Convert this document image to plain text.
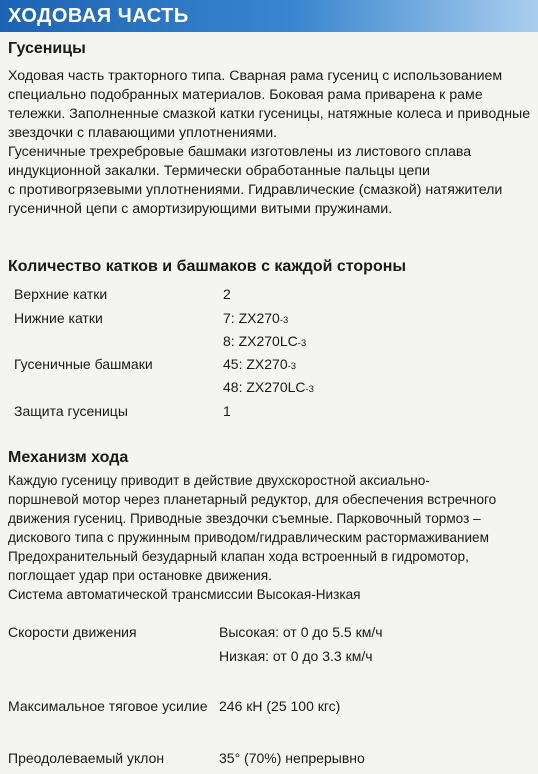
ХОДОВАЯ ЧАСТЬ
Гусеницы
Ходовая часть тракторного типа. Сварная рама гусениц с использованием
специально подобранных материалов. Боковая рама приварена к раме
тележки. Заполненные смазкой катки гусеницы, натяжные колеса и приводные
звездочки с плавающими уплотнениями.
Гусеничные трехребровые башмаки изготовлены из листового сплава
индукционной закалки. Термически обработанные пальцы цепи
с противогрязевыми уплотнениями. Гидравлические (смазкой) натяжители
гусеничной цепи с амортизирующими витыми пружинами.
Количество катков и башмаков с каждой стороны
Верхние катки	2
Нижние катки	7: ZX270-3
8: ZX270LC-3
Гусеничные башмаки	45: ZX270-3
48: ZX270LC-3
Защита гусеницы	1
Механизм хода
Каждую гусеницу приводит в действие двухскоростной аксиально-
поршневой мотор через планетарный редуктор, для обеспечения встречного
движения гусениц. Приводные звездочки съемные. Парковочный тормоз –
дискового типа с пружинным приводом/гидравлическим растормаживанием
Предохранительный безударный клапан хода встроенный в гидромотор,
поглощает удар при остановке движения.
Система автоматической трансмиссии Высокая-Низкая
Скорости движения	Высокая: от 0 до 5.5 км/ч
Низкая: от 0 до 3.3 км/ч
Максимальное тяговое усилие 246 кН (25 100 кгс)
Преодолеваемый уклон	35° (70%) непрерывно
